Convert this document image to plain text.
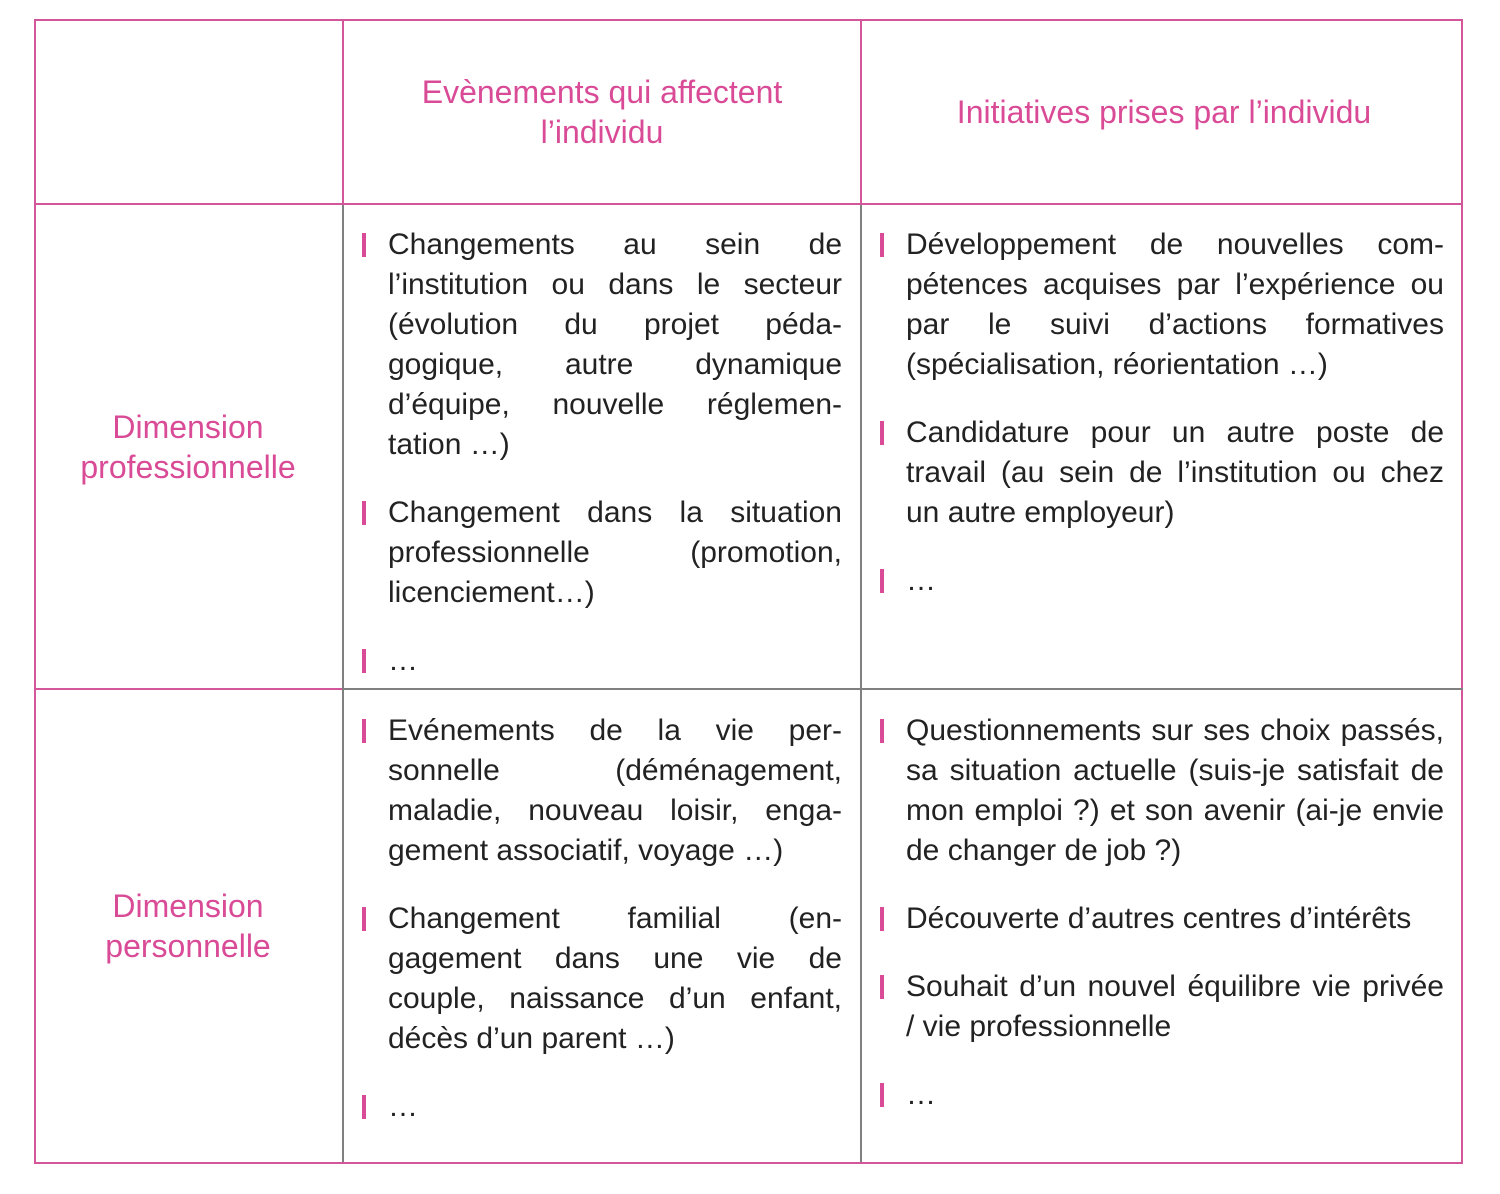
Evènements qui affectent l’individu
Initiatives prises par l’individu
Dimension professionnelle
Changements au sein de l’institution ou dans le secteur (évolution du projet péda-gogique, autre dynamique d’équipe, nouvelle réglemen-tation …)
Changement dans la situation professionnelle (promotion, licenciement…)
…
Développement de nouvelles com-pétences acquises par l’expérience ou par le suivi d’actions formatives (spécialisation, réorientation …)
Candidature pour un autre poste de travail (au sein de l’institution ou chez un autre employeur)
…
Dimension personnelle
Evénements de la vie per-sonnelle (déménagement, maladie, nouveau loisir, enga-gement associatif, voyage …)
Changement familial (en-gagement dans une vie de couple, naissance d’un enfant, décès d’un parent …)
…
Questionnements sur ses choix passés, sa situation actuelle (suis-je satisfait de mon emploi ?) et son avenir (ai-je envie de changer de job ?)
Découverte d’autres centres d’intérêts
Souhait d’un nouvel équilibre vie privée / vie professionnelle
…
